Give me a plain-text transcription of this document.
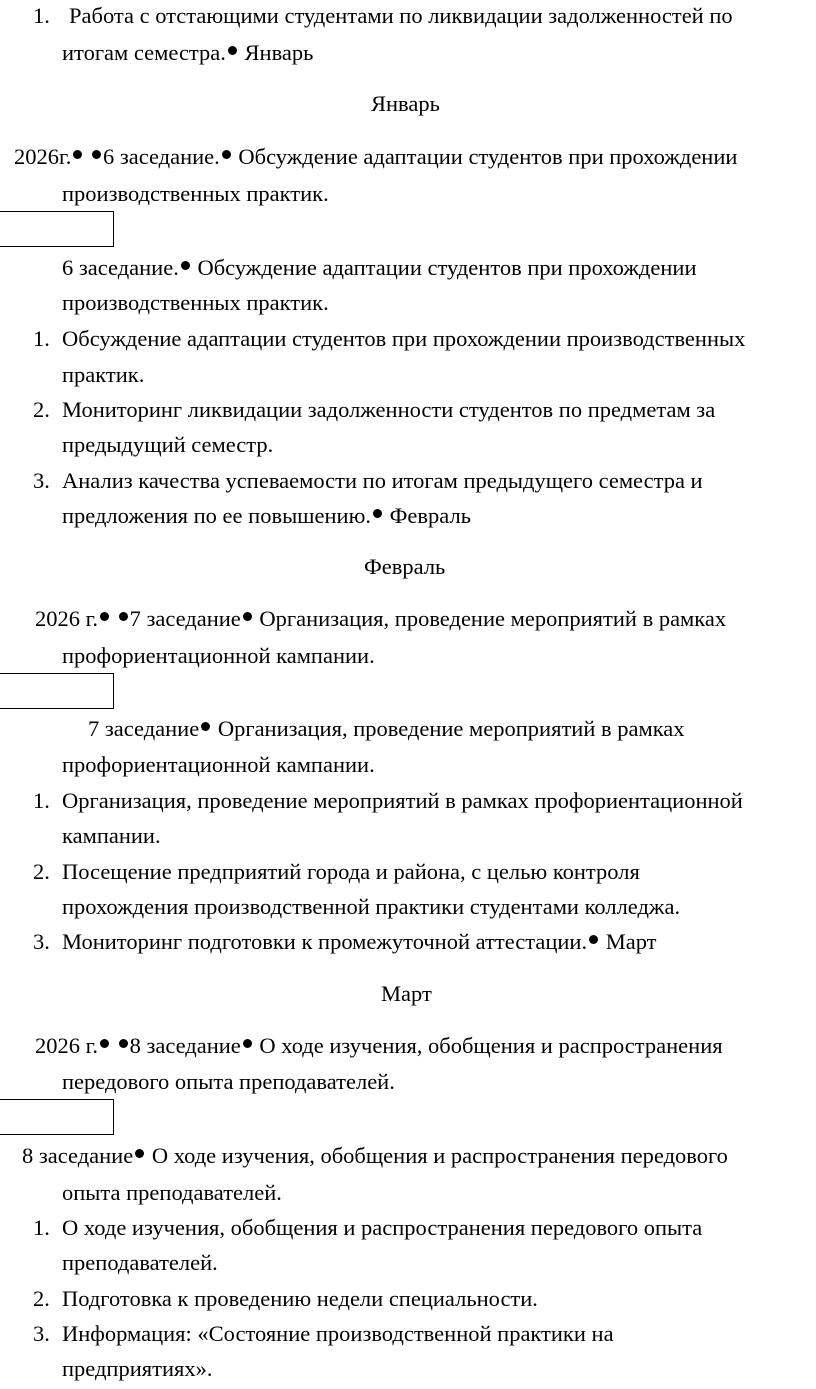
1. Работа с отстающими студентами по ликвидации задолженностей по
итогам семестра. Январь
Январь
2026г. 6 заседание. Обсуждение адаптации студентов при прохождении
производственных практик.
6 заседание. Обсуждение адаптации студентов при прохождении
производственных практик.
1. Обсуждение адаптации студентов при прохождении производственных
практик.
2. Мониторинг ликвидации задолженности студентов по предметам за
предыдущий семестр.
3. Анализ качества успеваемости по итогам предыдущего семестра и
предложения по ее повышению. Февраль
Февраль
2026 г. 7 заседание Организация, проведение мероприятий в рамках
профориентационной кампании.
7 заседание Организация, проведение мероприятий в рамках
профориентационной кампании.
1. Организация, проведение мероприятий в рамках профориентационной
кампании.
2. Посещение предприятий города и района, с целью контроля
прохождения производственной практики студентами колледжа.
3. Мониторинг подготовки к промежуточной аттестации. Март
Март
2026 г. 8 заседание О ходе изучения, обобщения и распространения
передового опыта преподавателей.
8 заседание О ходе изучения, обобщения и распространения передового
опыта преподавателей.
1. О ходе изучения, обобщения и распространения передового опыта
преподавателей.
2. Подготовка к проведению недели специальности.
3. Информация: «Состояние производственной практики на
предприятиях».
